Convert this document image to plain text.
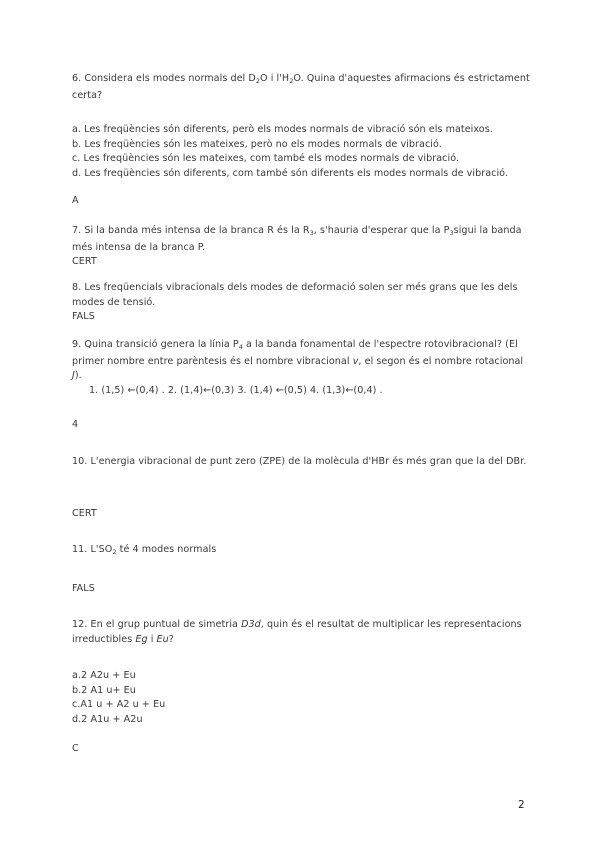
6. Considera els modes normals del $D_2O$ i $l'H_2O$. Quina d'aquestes afirmacions és estrictament certa?

a. Les freqüències són diferents, però els modes normals de vibració són els mateixos.
b. Les freqüències són les mateixes, però no els modes normals de vibració.
c. Les freqüències són les mateixes, com també els modes normals de vibració.
d. Les freqüències són diferents, com també són diferents els modes normals de vibració.
A

7. Si la banda més intensa de la branca R és la $R_3$, s'hauria d'esperar que la $P_3sigui$ la banda més intensa de la branca P.

CERT

8. Les freqüencials vibracionals dels modes de deformació solen ser més grans que les dels modes de tensió.

FALS

9. Quina transició genera la línia $P_4$ a la banda fonamental de l'espectre rotovibracional? (El primer nombre entre parèntesis és el nombre vibracional v, el segon és el nombre rotacional J).

1. (1,5) ←(0,4) . 2. (1,4)←(0,3) 3. (1,4) ←(0,5) 4. (1,3)←(0,4) .
4

10. L'energia vibracional de punt zero (ZPE) de la molècula d'HBr és més gran que la del DBr.

CERT

11. $L'SO_2$ té 4 modes normals

FALS

12. En el grup puntual de simetria D3d, quin és el resultat de multiplicar les representacions irreductibles Eg i Eu?

a.2 A2u + Eu
b.2 A1 u+ Eu
c.A1 u + A2 u + Eu
d.2 A1u + A2u
C
2
